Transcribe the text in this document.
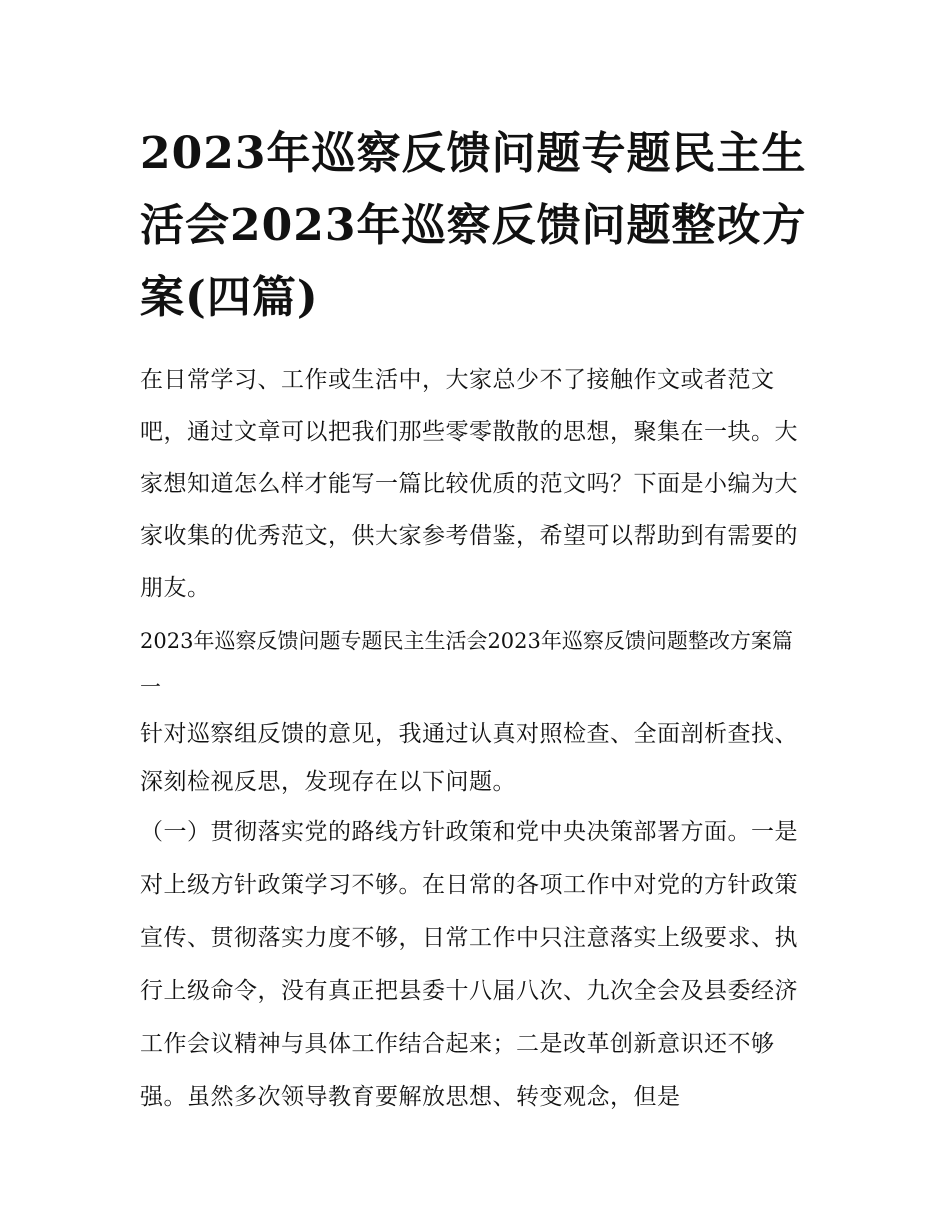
2023年巡察反馈问题专题民主生活会2023年巡察反馈问题整改方案(四篇)

在日常学习、工作或生活中，大家总少不了接触作文或者范文吧，通过文章可以把我们那些零零散散的思想，聚集在一块。大家想知道怎么样才能写一篇比较优质的范文吗？下面是小编为大家收集的优秀范文，供大家参考借鉴，希望可以帮助到有需要的朋友。

2023年巡察反馈问题专题民主生活会2023年巡察反馈问题整改方案篇一

针对巡察组反馈的意见，我通过认真对照检查、全面剖析查找、深刻检视反思，发现存在以下问题。

（一）贯彻落实党的路线方针政策和党中央决策部署方面。一是对上级方针政策学习不够。在日常的各项工作中对党的方针政策宣传、贯彻落实力度不够，日常工作中只注意落实上级要求、执行上级命令，没有真正把县委十八届八次、九次全会及县委经济工作会议精神与具体工作结合起来；二是改革创新意识还不够强。虽然多次领导教育要解放思想、转变观念，但是
